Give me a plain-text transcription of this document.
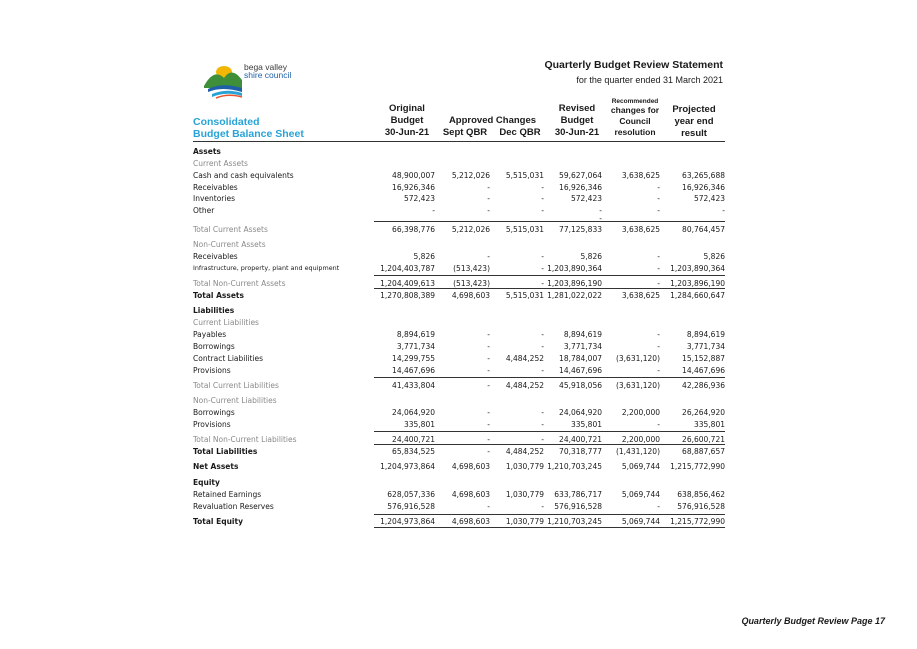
bega valley
shire council
Quarterly Budget Review Statement
for the quarter ended 31 March 2021
Consolidated
Budget Balance Sheet
Original
Budget
30-Jun-21
Approved Changes
Sept QBR	Dec QBR
Revised
Budget
30-Jun-21
Recommended
changes for
Council
resolution
Projected
year end
result
Assets
Current Assets
Cash and cash equivalents	48,900,007 5,212,026 5,515,031 59,627,064	3,638,625	63,265,688
Receivables	16,926,346	-	- 16,926,346	-	16,926,346
Inventories	572,423	-	-	572,423	-	572,423
Other	-	-	-	-	-	-
-
Total Current Assets	66,398,776 5,212,026 5,515,031 77,125,833	3,638,625	80,764,457
Non-Current Assets
Receivables	5,826	-	-	5,826	-	5,826
Infrastructure, property, plant and equipment	1,204,403,787 (513,423)	- 1,203,890,364	- 1,203,890,364
Total Non-Current Assets	1,204,409,613 (513,423)	- 1,203,896,190	- 1,203,896,190
Total Assets	1,270,808,389 4,698,603 5,515,031 1,281,022,022	3,638,625 1,284,660,647
Liabilities
Current Liabilities
Payables	8,894,619	-	-	8,894,619	-	8,894,619
Borrowings	3,771,734	-	-	3,771,734	-	3,771,734
Contract Liabilities	14,299,755	- 4,484,252 18,784,007 (3,631,120)	15,152,887
Provisions	14,467,696	-	- 14,467,696	-	14,467,696
Total Current Liabilities	41,433,804	- 4,484,252 45,918,056 (3,631,120)	42,286,936
Non-Current Liabilities
Borrowings	24,064,920	-	- 24,064,920	2,200,000	26,264,920
Provisions	335,801	-	-	335,801	-	335,801
Total Non-Current Liabilities	24,400,721	-	- 24,400,721	2,200,000	26,600,721
Total Liabilities	65,834,525	- 4,484,252 70,318,777 (1,431,120)	68,887,657
Net Assets	1,204,973,864 4,698,603 1,030,779 1,210,703,245	5,069,744 1,215,772,990
Equity
Retained Earnings	628,057,336 4,698,603 1,030,779 633,786,717	5,069,744 638,856,462
Revaluation Reserves	576,916,528	-	- 576,916,528	- 576,916,528
Total Equity	1,204,973,864 4,698,603 1,030,779 1,210,703,245	5,069,744 1,215,772,990
Quarterly Budget Review Page 17
